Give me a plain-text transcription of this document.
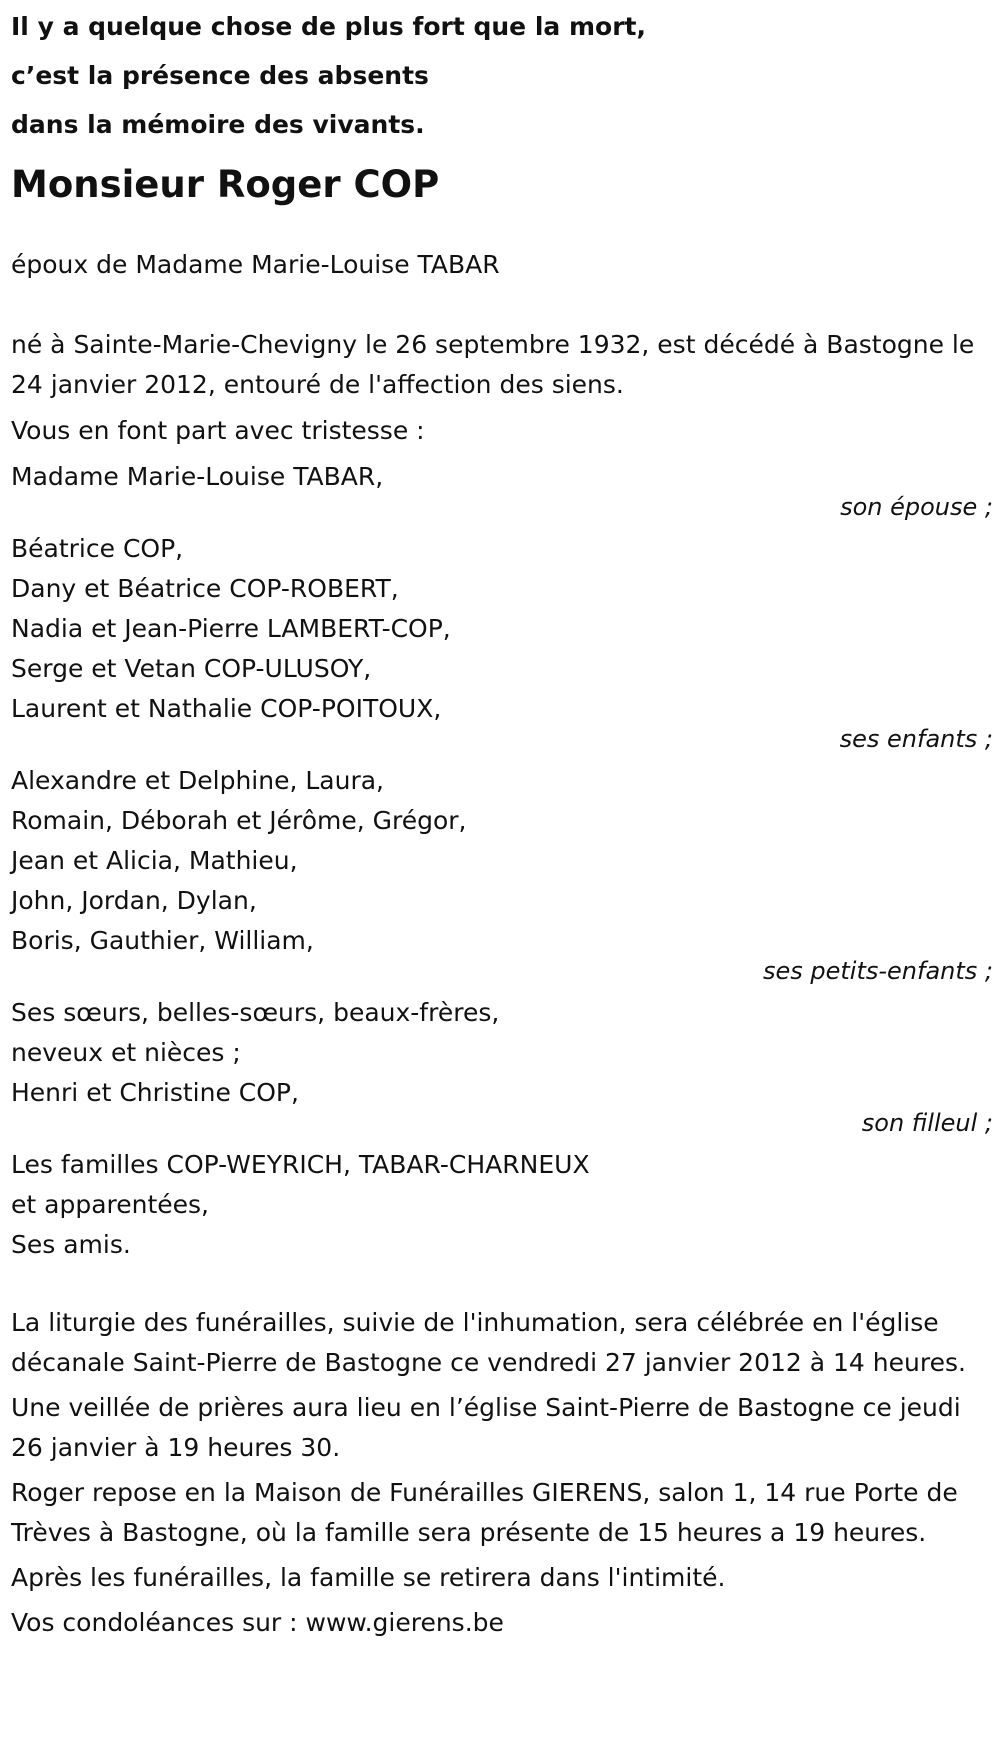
Il y a quelque chose de plus fort que la mort,
c’est la présence des absents
dans la mémoire des vivants.
Monsieur Roger COP
époux de Madame Marie-Louise TABAR
né à Sainte-Marie-Chevigny le 26 septembre 1932, est décédé à Bastogne le 24 janvier 2012, entouré de l'affection des siens.
Vous en font part avec tristesse :
Madame Marie-Louise TABAR,
son épouse ;
Béatrice COP,
Dany et Béatrice COP-ROBERT,
Nadia et Jean-Pierre LAMBERT-COP,
Serge et Vetan COP-ULUSOY,
Laurent et Nathalie COP-POITOUX,
ses enfants ;
Alexandre et Delphine, Laura,
Romain, Déborah et Jérôme, Grégor,
Jean et Alicia, Mathieu,
John, Jordan, Dylan,
Boris, Gauthier, William,
ses petits-enfants ;
Ses sœurs, belles-sœurs, beaux-frères,
neveux et nièces ;
Henri et Christine COP,
son filleul ;
Les familles COP-WEYRICH, TABAR-CHARNEUX
et apparentées,
Ses amis.
La liturgie des funérailles, suivie de l'inhumation, sera célébrée en l'église décanale Saint-Pierre de Bastogne ce vendredi 27 janvier 2012 à 14 heures.
Une veillée de prières aura lieu en l’église Saint-Pierre de Bastogne ce jeudi 26 janvier à 19 heures 30.
Roger repose en la Maison de Funérailles GIERENS, salon 1, 14 rue Porte de Trèves à Bastogne, où la famille sera présente de 15 heures a 19 heures.
Après les funérailles, la famille se retirera dans l'intimité.
Vos condoléances sur : www.gierens.be
